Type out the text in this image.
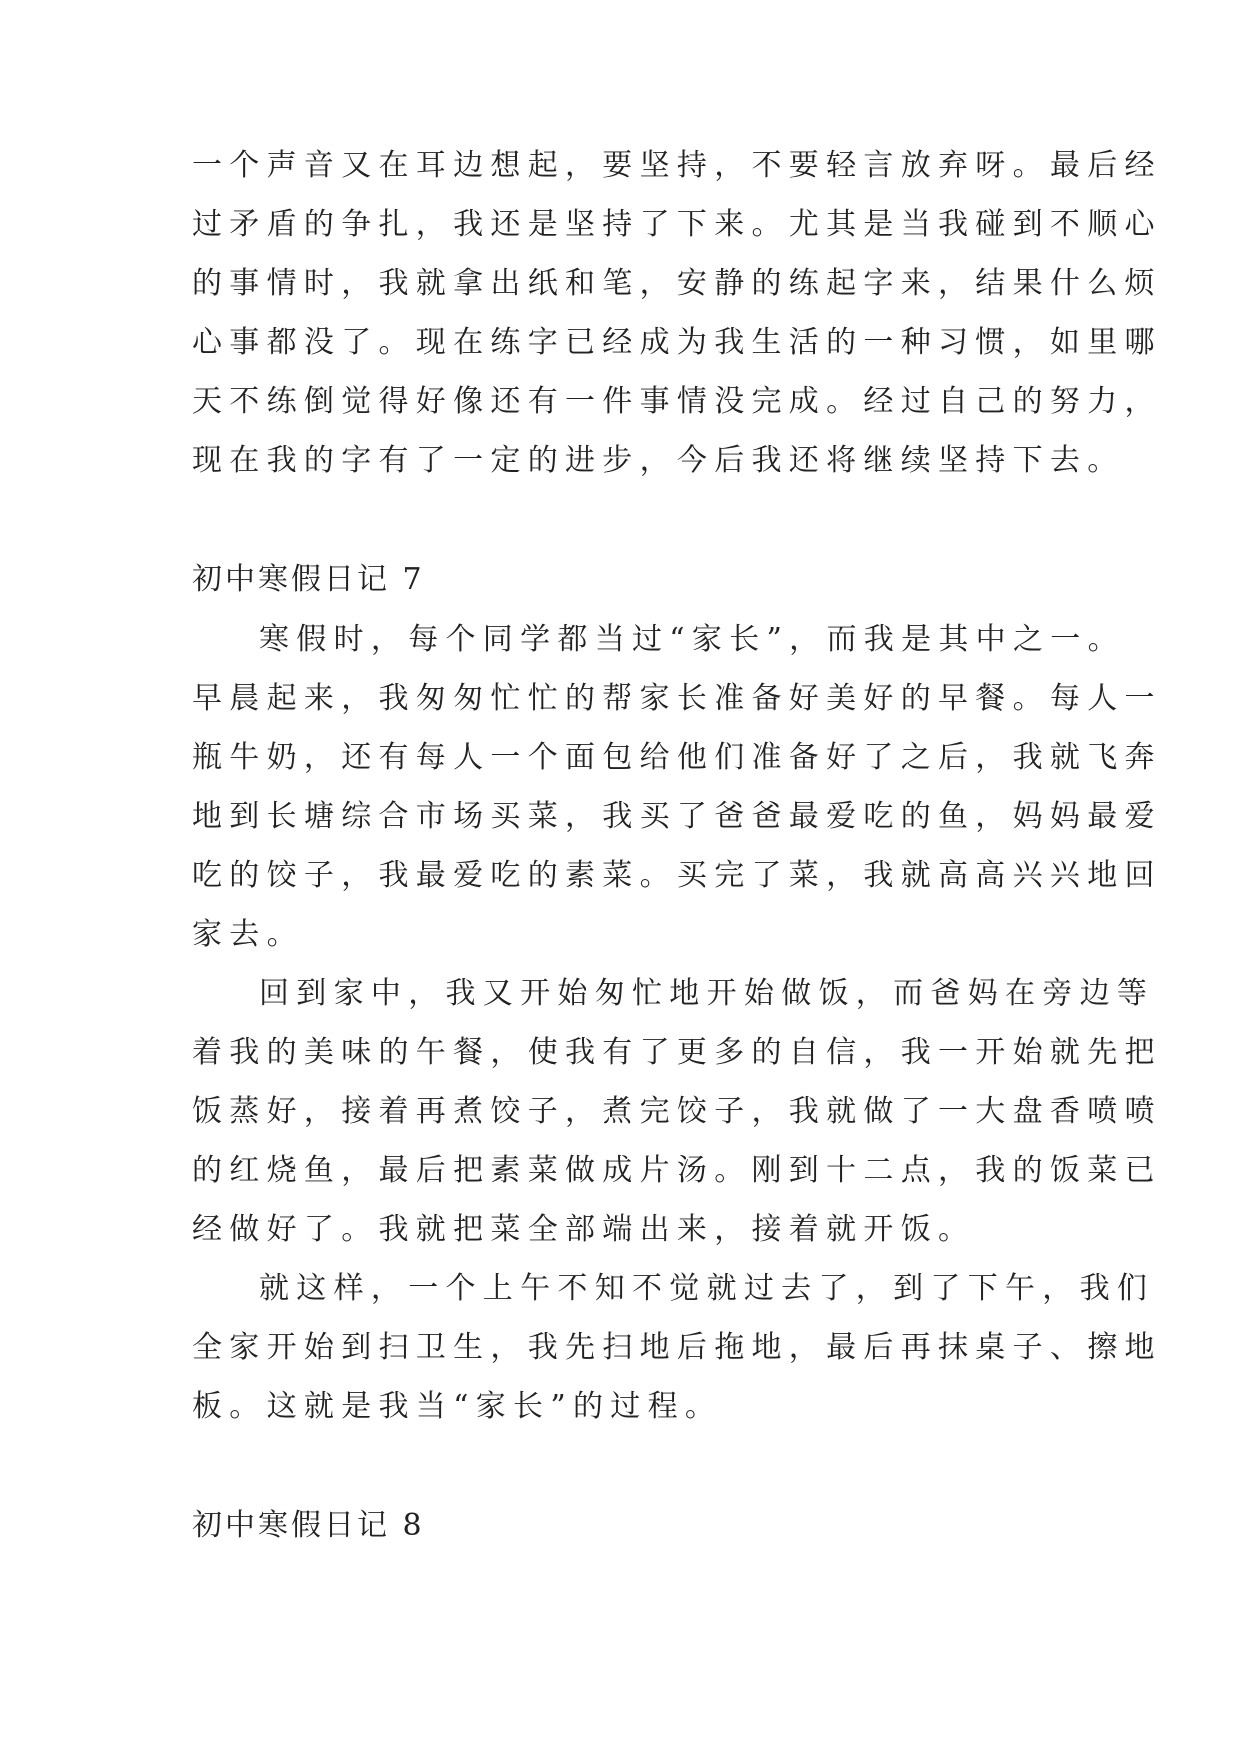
一个声音又在耳边想起，要坚持，不要轻言放弃呀。最后经
过矛盾的争扎，我还是坚持了下来。尤其是当我碰到不顺心
的事情时，我就拿出纸和笔，安静的练起字来，结果什么烦
心事都没了。现在练字已经成为我生活的一种习惯，如里哪
天不练倒觉得好像还有一件事情没完成。经过自己的努力，
现在我的字有了一定的进步，今后我还将继续坚持下去。
初中寒假日记 7
寒假时，每个同学都当过“家长”，而我是其中之一。
早晨起来，我匆匆忙忙的帮家长准备好美好的早餐。每人一
瓶牛奶，还有每人一个面包给他们准备好了之后，我就飞奔
地到长塘综合市场买菜，我买了爸爸最爱吃的鱼，妈妈最爱
吃的饺子，我最爱吃的素菜。买完了菜，我就高高兴兴地回
家去。
回到家中，我又开始匆忙地开始做饭，而爸妈在旁边等
着我的美味的午餐，使我有了更多的自信，我一开始就先把
饭蒸好，接着再煮饺子，煮完饺子，我就做了一大盘香喷喷
的红烧鱼，最后把素菜做成片汤。刚到十二点，我的饭菜已
经做好了。我就把菜全部端出来，接着就开饭。
就这样，一个上午不知不觉就过去了，到了下午，我们
全家开始到扫卫生，我先扫地后拖地，最后再抹桌子、擦地
板。这就是我当“家长”的过程。
初中寒假日记 8
